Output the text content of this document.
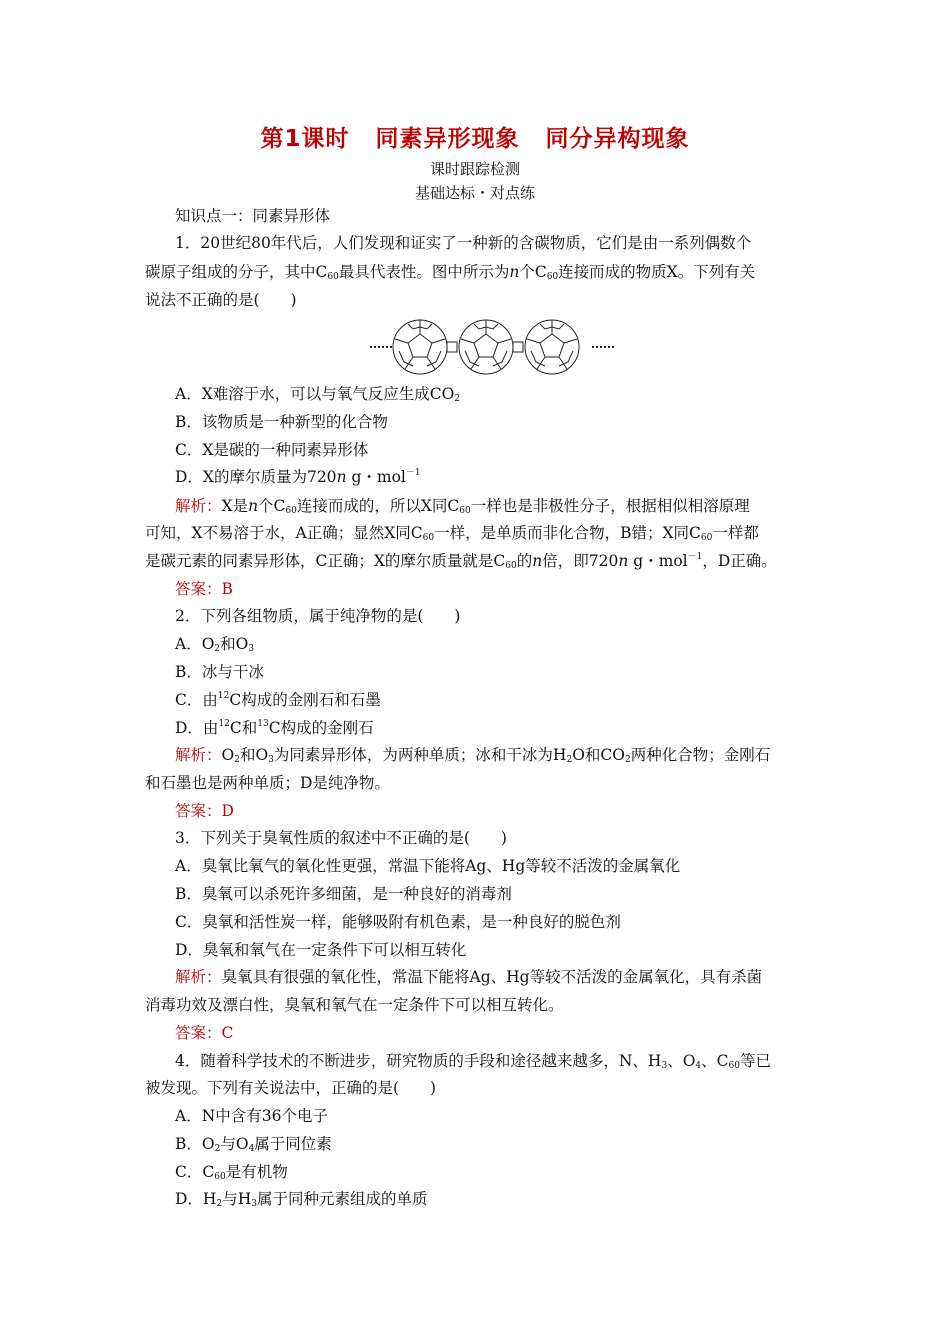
第1课时 同素异形现象 同分异构现象
课时跟踪检测
基础达标・对点练
知识点一：同素异形体
1．20世纪80年代后，人们发现和证实了一种新的含碳物质，它们是由一系列偶数个
碳原子组成的分子，其中$C_{60}$最具代表性。图中所示为n个$C_{60}$连接而成的物质X。下列有关
说法不正确的是(　　)
A．X难溶于水，可以与氧气反应生成$CO_2$
B．该物质是一种新型的化合物
C．X是碳的一种同素异形体
D．X的摩尔质量为720n g・mol$^{-1}$
解析：X是n个$C_{60}$连接而成的，所以X同$C_{60}$一样也是非极性分子，根据相似相溶原理
可知，X不易溶于水，A正确；显然X同$C_{60}$一样，是单质而非化合物，B错；X同$C_{60}$一样都
是碳元素的同素异形体，C正确；X的摩尔质量就是$C_{60}$的n倍，即720n g・mol$^{-1}$，D正确。
答案：B
2．下列各组物质，属于纯净物的是(　　)
A．$O_2$和$O_3$
B．冰与干冰
C．由$^{12}$C构成的金刚石和石墨
D．由$^{12}$C和$^{13}$C构成的金刚石
解析：$O_2$和$O_3$为同素异形体，为两种单质；冰和干冰为$H_2O$和$CO_2$两种化合物；金刚石
和石墨也是两种单质；D是纯净物。
答案：D
3．下列关于臭氧性质的叙述中不正确的是(　　)
A．臭氧比氧气的氧化性更强，常温下能将Ag、Hg等较不活泼的金属氧化
B．臭氧可以杀死许多细菌，是一种良好的消毒剂
C．臭氧和活性炭一样，能够吸附有机色素，是一种良好的脱色剂
D．臭氧和氧气在一定条件下可以相互转化
解析：臭氧具有很强的氧化性，常温下能将Ag、Hg等较不活泼的金属氧化，具有杀菌
消毒功效及漂白性，臭氧和氧气在一定条件下可以相互转化。
答案：C
4．随着科学技术的不断进步，研究物质的手段和途径越来越多，N、$H_3$、$O_4$、$C_{60}$等已
被发现。下列有关说法中，正确的是(　　)
A．N中含有36个电子
B．$O_2$与$O_4$属于同位素
C．$C_{60}$是有机物
D．$H_2$与$H_3$属于同种元素组成的单质
